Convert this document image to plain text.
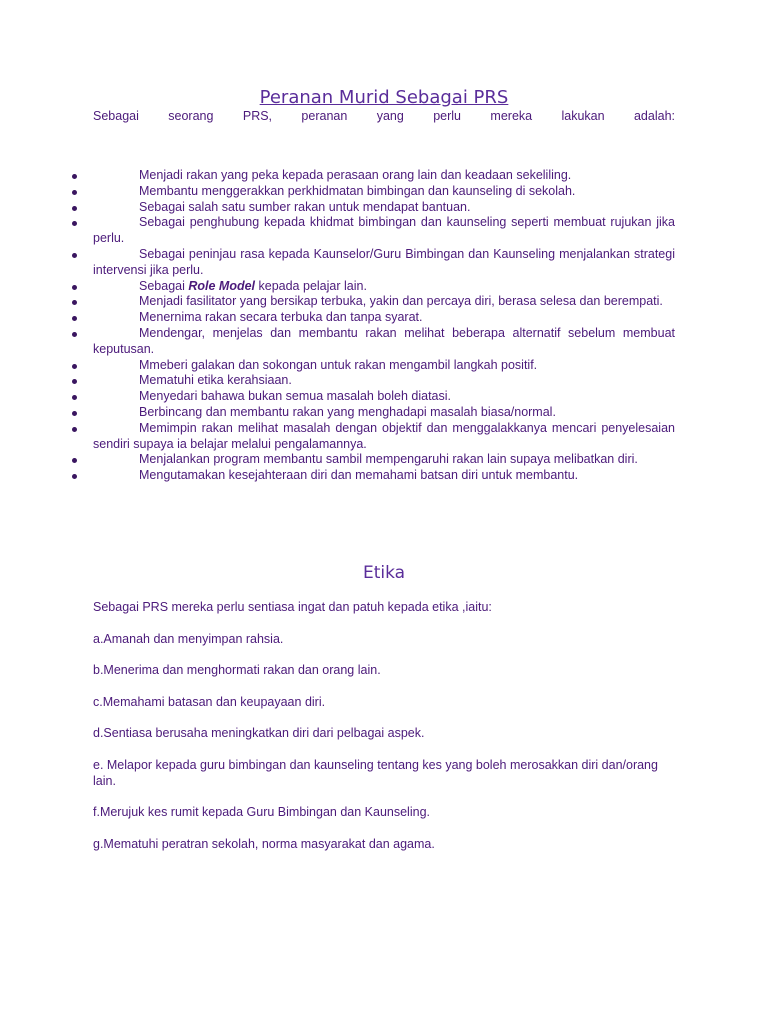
Peranan Murid Sebagai PRS

Sebagai seorang PRS, peranan yang perlu mereka lakukan adalah:

Menjadi rakan yang peka kepada perasaan orang lain dan keadaan sekeliling.
Membantu menggerakkan perkhidmatan bimbingan dan kaunseling di sekolah.
Sebagai salah satu sumber rakan untuk mendapat bantuan.
Sebagai penghubung kepada khidmat bimbingan dan kaunseling seperti membuat rujukan jika perlu.
Sebagai peninjau rasa kepada Kaunselor/Guru Bimbingan dan Kaunseling menjalankan strategi intervensi jika perlu.
Sebagai Role Model kepada pelajar lain.
Menjadi fasilitator yang bersikap terbuka, yakin dan percaya diri, berasa selesa dan berempati.
Menernima rakan secara terbuka dan tanpa syarat.
Mendengar, menjelas dan membantu rakan melihat beberapa alternatif sebelum membuat keputusan.
Mmeberi galakan dan sokongan untuk rakan mengambil langkah positif.
Mematuhi etika kerahsiaan.
Menyedari bahawa bukan semua masalah boleh diatasi.
Berbincang dan membantu rakan yang menghadapi masalah biasa/normal.
Memimpin rakan melihat masalah dengan objektif dan menggalakkanya mencari penyelesaian sendiri supaya ia belajar melalui pengalamannya.
Menjalankan program membantu sambil mempengaruhi rakan lain supaya melibatkan diri.
Mengutamakan kesejahteraan diri dan memahami batsan diri untuk membantu.
Etika

Sebagai PRS mereka perlu sentiasa ingat dan patuh kepada etika ,iaitu:

a.Amanah dan menyimpan rahsia.

b.Menerima dan menghormati rakan dan orang lain.

c.Memahami batasan dan keupayaan diri.

d.Sentiasa berusaha meningkatkan diri dari pelbagai aspek.

e. Melapor kepada guru bimbingan dan kaunseling tentang kes yang boleh merosakkan diri dan/orang lain.

f.Merujuk kes rumit kepada Guru Bimbingan dan Kaunseling.

g.Mematuhi peratran sekolah, norma masyarakat dan agama.
